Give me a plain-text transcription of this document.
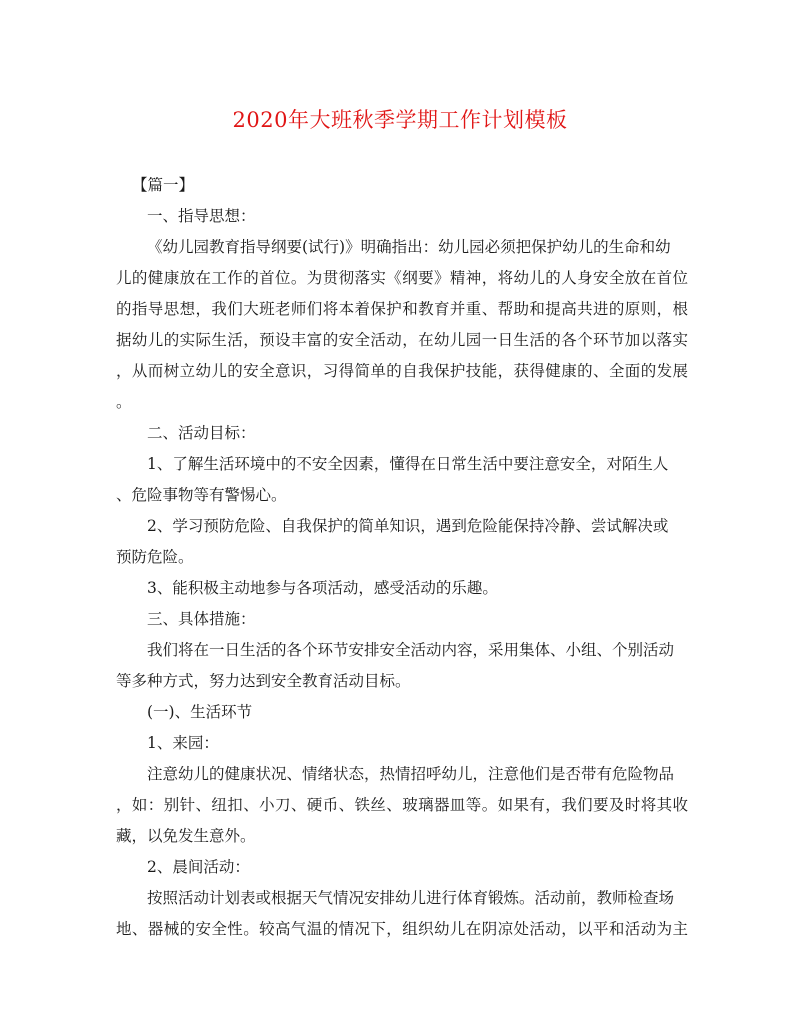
2020年大班秋季学期工作计划模板
【篇一】
一、指导思想：
《幼儿园教育指导纲要(试行)》明确指出：幼儿园必须把保护幼儿的生命和幼
儿的健康放在工作的首位。为贯彻落实《纲要》精神，将幼儿的人身安全放在首位
的指导思想，我们大班老师们将本着保护和教育并重、帮助和提高共进的原则，根
据幼儿的实际生活，预设丰富的安全活动，在幼儿园一日生活的各个环节加以落实
，从而树立幼儿的安全意识，习得简单的自我保护技能，获得健康的、全面的发展
。
二、活动目标：
1、了解生活环境中的不安全因素，懂得在日常生活中要注意安全，对陌生人
、危险事物等有警惕心。
2、学习预防危险、自我保护的简单知识，遇到危险能保持冷静、尝试解决或
预防危险。
3、能积极主动地参与各项活动，感受活动的乐趣。
三、具体措施：
我们将在一日生活的各个环节安排安全活动内容，采用集体、小组、个别活动
等多种方式，努力达到安全教育活动目标。
(一)、生活环节
1、来园：
注意幼儿的健康状况、情绪状态，热情招呼幼儿，注意他们是否带有危险物品
，如：别针、纽扣、小刀、硬币、铁丝、玻璃器皿等。如果有，我们要及时将其收
藏，以免发生意外。
2、晨间活动：
按照活动计划表或根据天气情况安排幼儿进行体育锻炼。活动前，教师检查场
地、器械的安全性。较高气温的情况下，组织幼儿在阴凉处活动，以平和活动为主
